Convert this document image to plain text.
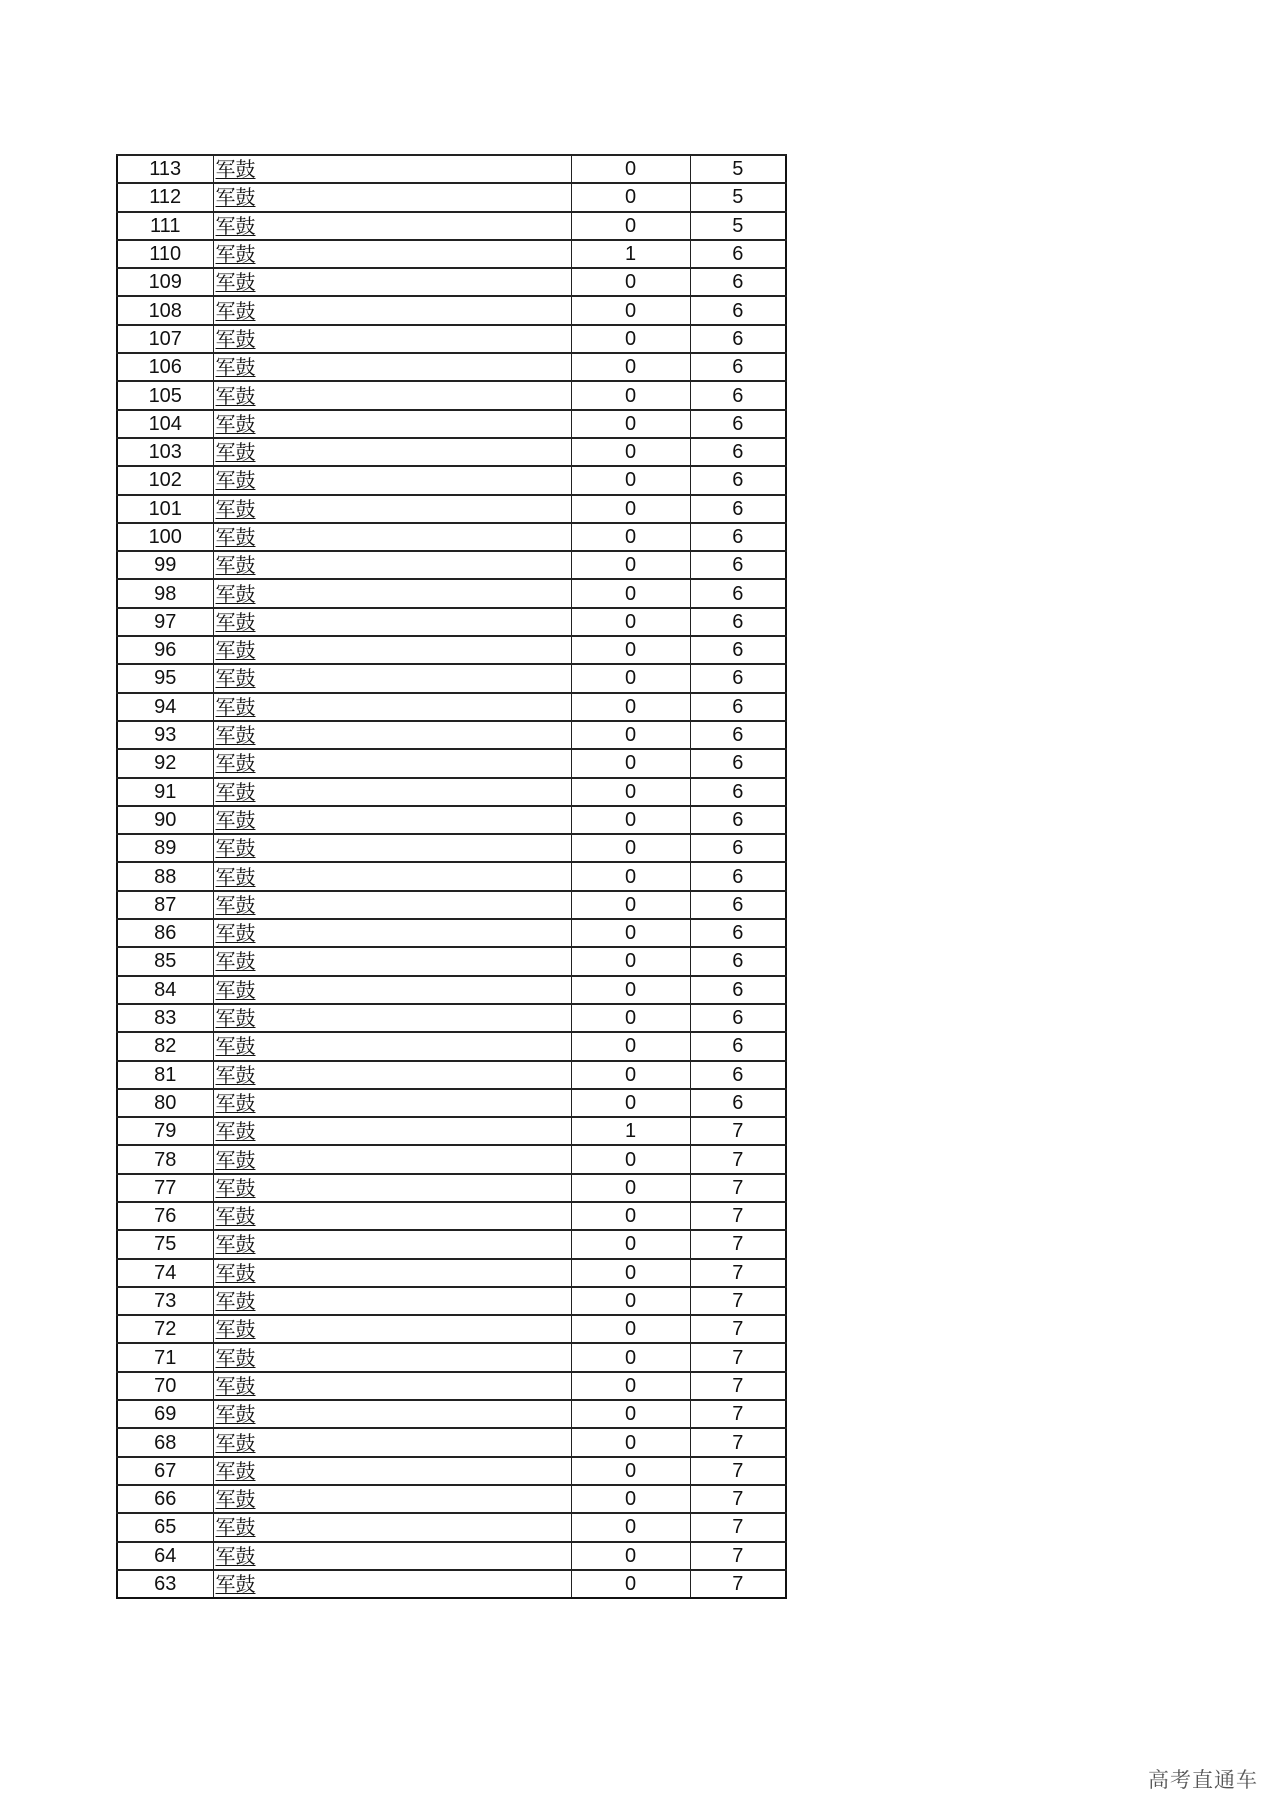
113	军鼓	0	5
112	军鼓	0	5
111	军鼓	0	5
110	军鼓	1	6
109	军鼓	0	6
108	军鼓	0	6
107	军鼓	0	6
106	军鼓	0	6
105	军鼓	0	6
104	军鼓	0	6
103	军鼓	0	6
102	军鼓	0	6
101	军鼓	0	6
100	军鼓	0	6
99	军鼓	0	6
98	军鼓	0	6
97	军鼓	0	6
96	军鼓	0	6
95	军鼓	0	6
94	军鼓	0	6
93	军鼓	0	6
92	军鼓	0	6
91	军鼓	0	6
90	军鼓	0	6
89	军鼓	0	6
88	军鼓	0	6
87	军鼓	0	6
86	军鼓	0	6
85	军鼓	0	6
84	军鼓	0	6
83	军鼓	0	6
82	军鼓	0	6
81	军鼓	0	6
80	军鼓	0	6
79	军鼓	1	7
78	军鼓	0	7
77	军鼓	0	7
76	军鼓	0	7
75	军鼓	0	7
74	军鼓	0	7
73	军鼓	0	7
72	军鼓	0	7
71	军鼓	0	7
70	军鼓	0	7
69	军鼓	0	7
68	军鼓	0	7
67	军鼓	0	7
66	军鼓	0	7
65	军鼓	0	7
64	军鼓	0	7
63	军鼓	0	7
高考直通车
